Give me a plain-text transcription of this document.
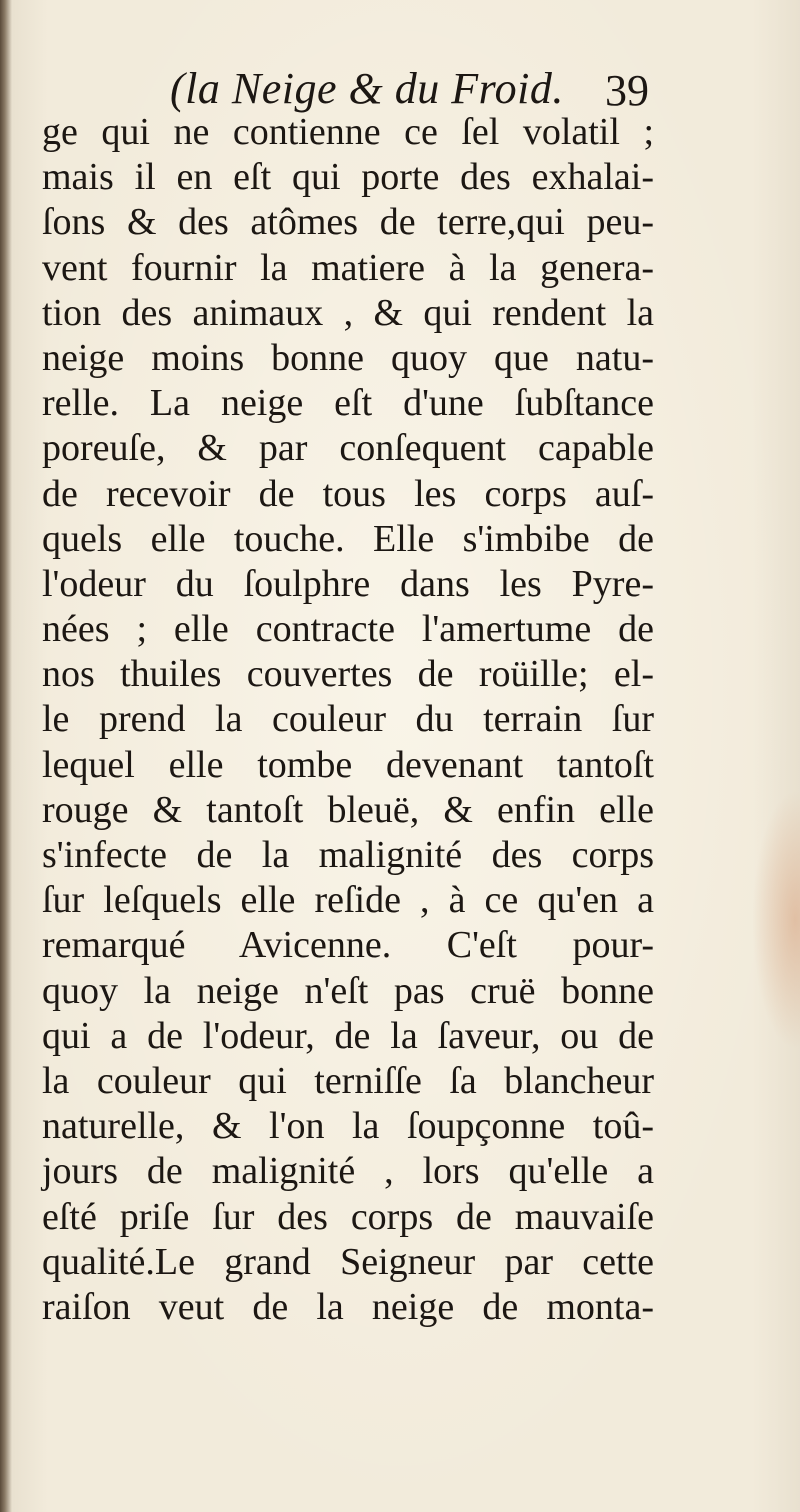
(la Neige & du Froid. 39
ge qui ne contienne ce ſel volatil ;
mais il en eſt qui porte des exhalai-
ſons & des atômes de terre,qui peu-
vent fournir la matiere à la genera-
tion des animaux , & qui rendent la
neige moins bonne quoy que natu-
relle. La neige eſt d'une ſubſtance
poreuſe, & par conſequent capable
de recevoir de tous les corps auſ-
quels elle touche. Elle s'imbibe de
l'odeur du ſoulphre dans les Pyre-
nées ; elle contracte l'amertume de
nos thuiles couvertes de roüille; el-
le prend la couleur du terrain ſur
lequel elle tombe devenant tantoſt
rouge & tantoſt bleuë, & enfin elle
s'infecte de la malignité des corps
ſur leſquels elle reſide , à ce qu'en a
remarqué Avicenne. C'eſt pour-
quoy la neige n'eſt pas cruë bonne
qui a de l'odeur, de la ſaveur, ou de
la couleur qui terniſſe ſa blancheur
naturelle, & l'on la ſoupçonne toû-
jours de malignité , lors qu'elle a
eſté priſe ſur des corps de mauvaiſe
qualité.Le grand Seigneur par cette
raiſon veut de la neige de monta-
